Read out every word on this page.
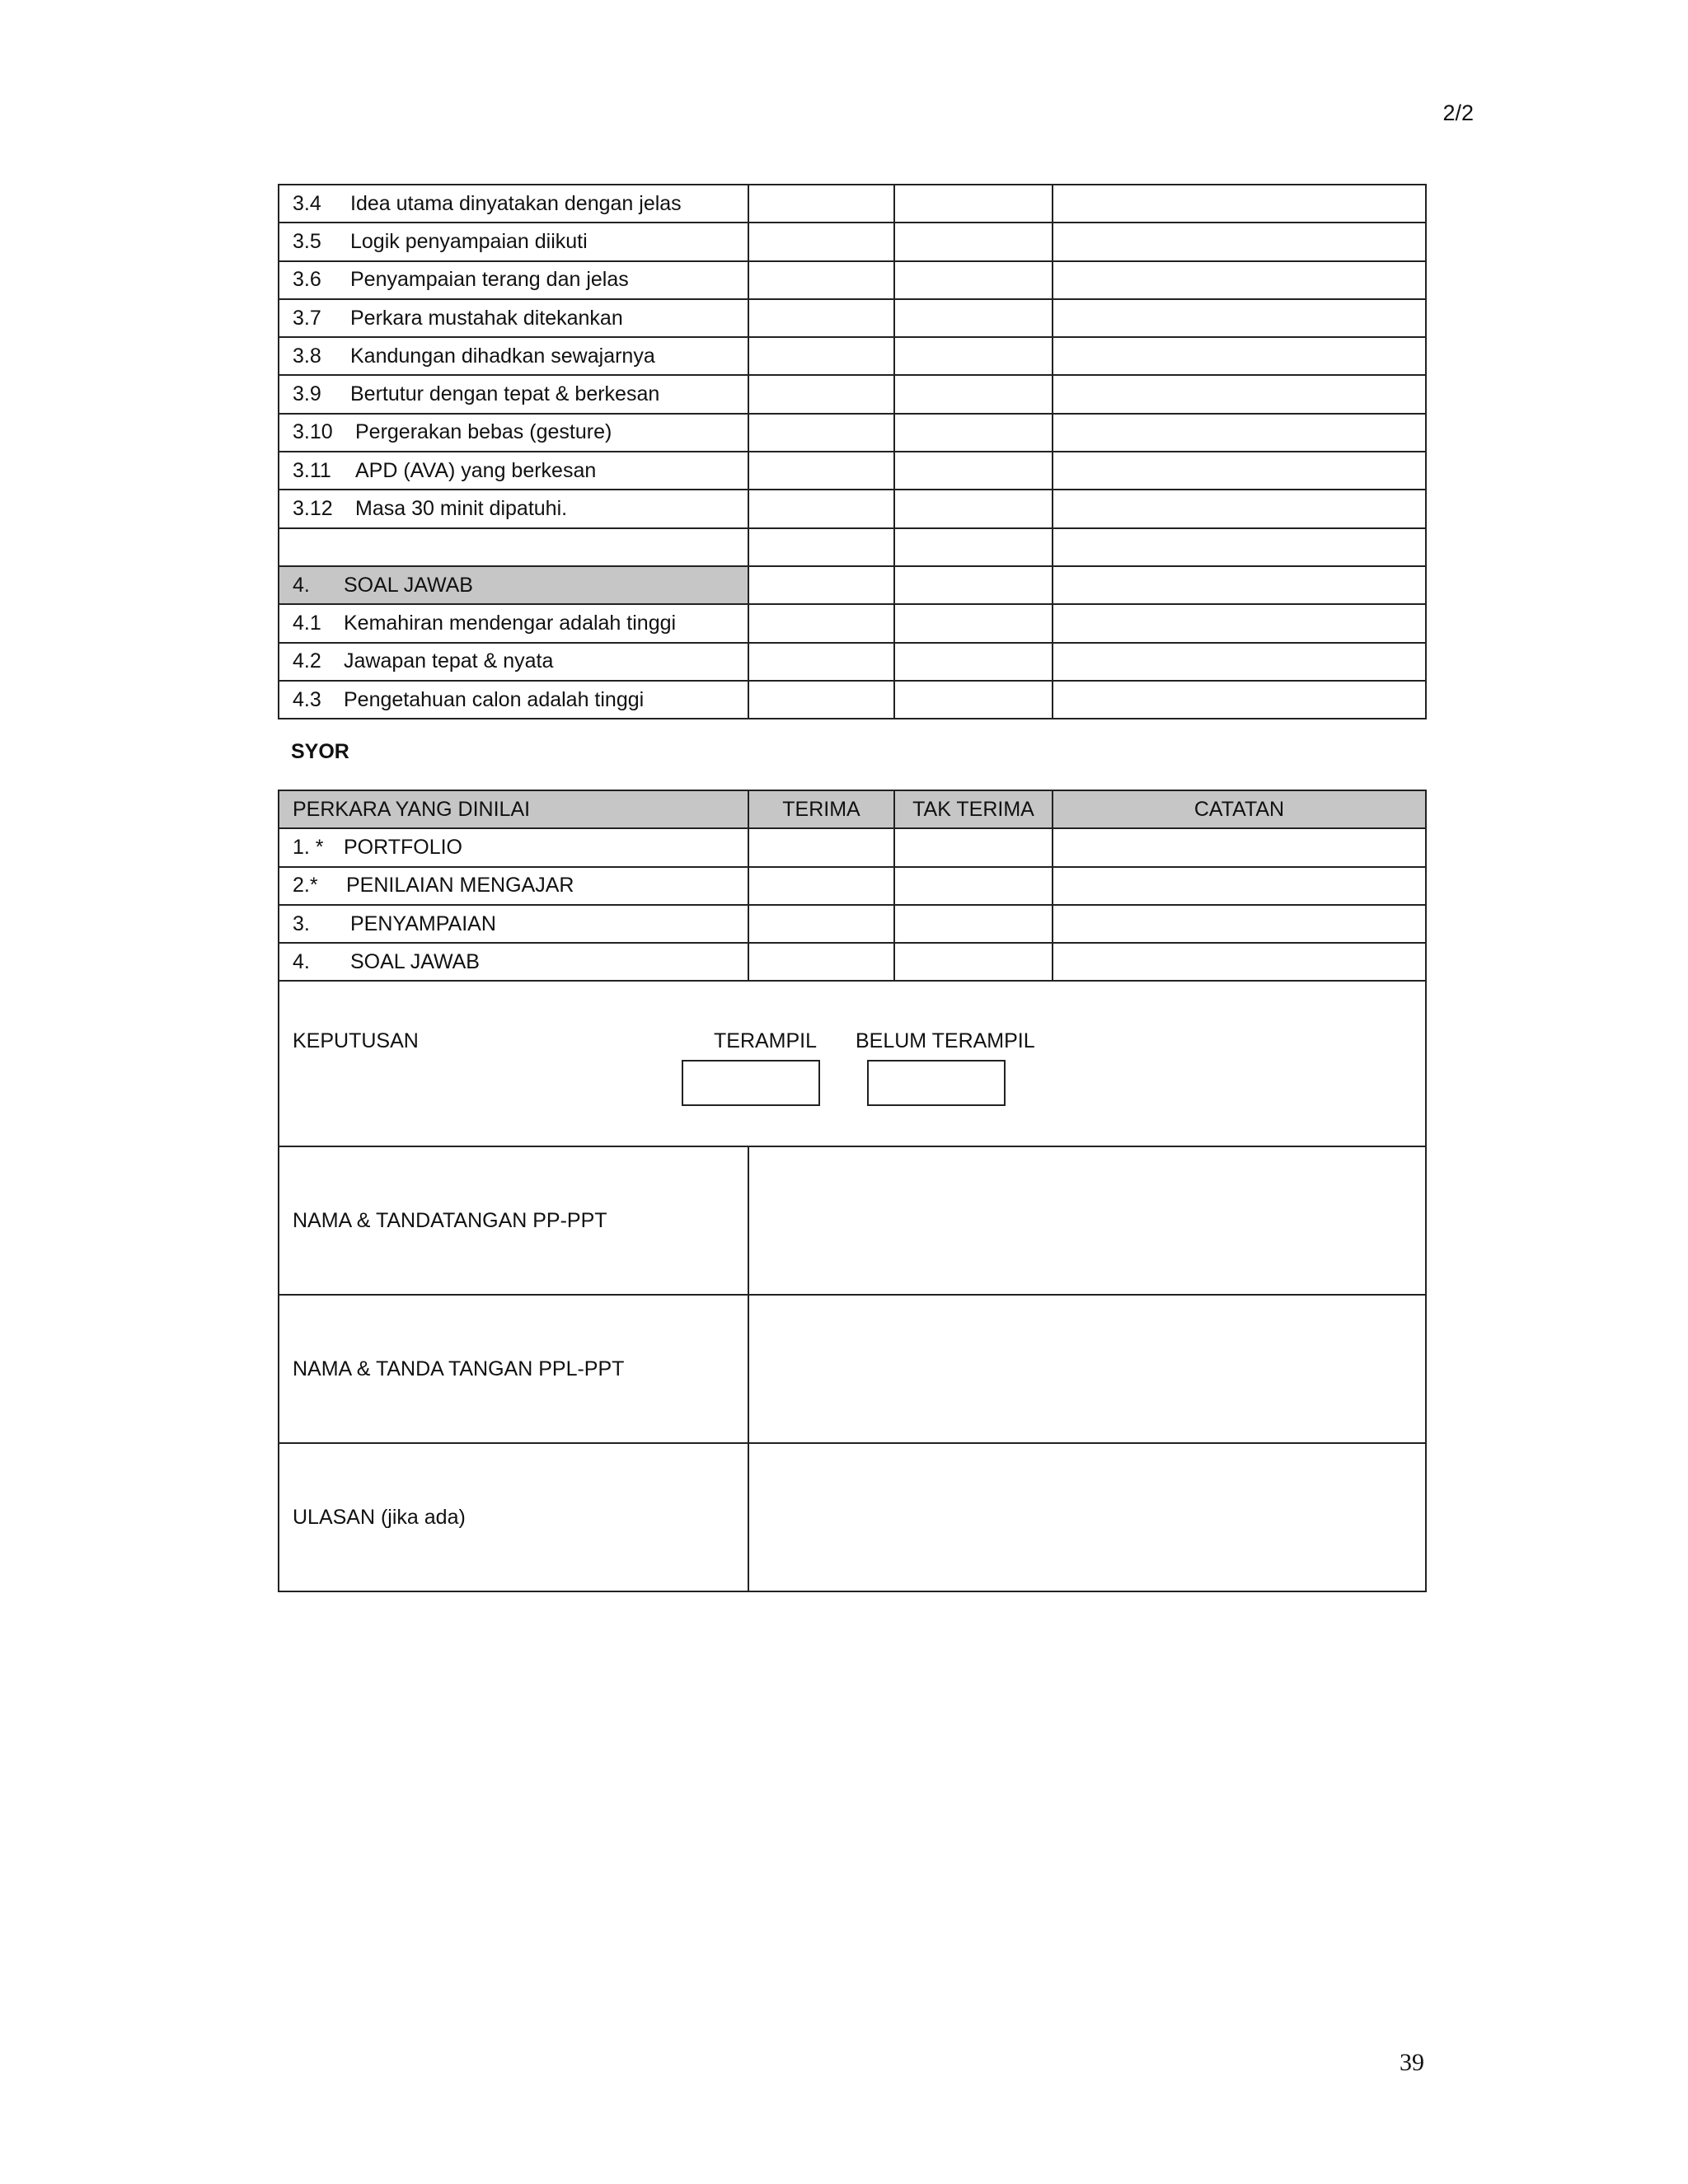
2/2
3.4 Idea utama dinyatakan dengan jelas			
3.5 Logik penyampaian diikuti			
3.6 Penyampaian terang dan jelas			
3.7 Perkara mustahak ditekankan			
3.8 Kandungan dihadkan sewajarnya			
3.9 Bertutur dengan tepat & berkesan			
3.10 Pergerakan bebas (gesture)			
3.11 APD (AVA) yang berkesan			
3.12 Masa 30 minit dipatuhi.			

4. SOAL JAWAB			
4.1 Kemahiran mendengar adalah tinggi			
4.2 Jawapan tepat & nyata			
4.3 Pengetahuan calon adalah tinggi			
SYOR
PERKARA YANG DINILAI	TERIMA	TAK TERIMA	CATATAN
1. * PORTFOLIO			
2.* PENILAIAN MENGAJAR			
3. PENYAMPAIAN			
4. SOAL JAWAB			

KEPUTUSAN TERAMPIL BELUM TERAMPIL			

NAMA & TANDATANGAN PP-PPT			
NAMA & TANDA TANGAN PPL-PPT			
ULASAN (jika ada)			
39
